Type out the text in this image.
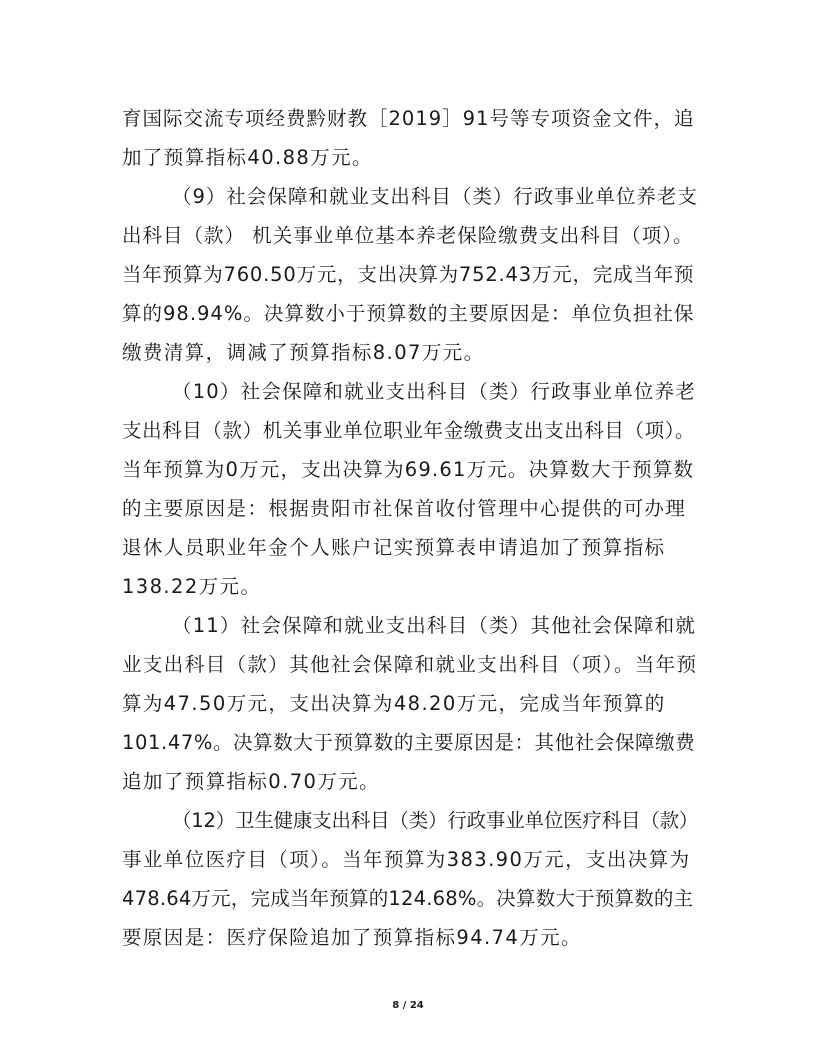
育国际交流专项经费黔财教［2019］91号等专项资金文件，追
加了预算指标40.88万元。
（9）社会保障和就业支出科目（类）行政事业单位养老支
出科目（款） 机关事业单位基本养老保险缴费支出科目（项）。
当年预算为760.50万元，支出决算为752.43万元，完成当年预
算的98.94%。决算数小于预算数的主要原因是：单位负担社保
缴费清算，调减了预算指标8.07万元。
（10）社会保障和就业支出科目（类）行政事业单位养老
支出科目（款）机关事业单位职业年金缴费支出支出科目（项）。
当年预算为0万元，支出决算为69.61万元。决算数大于预算数
的主要原因是：根据贵阳市社保首收付管理中心提供的可办理
退休人员职业年金个人账户记实预算表申请追加了预算指标
138.22万元。
（11）社会保障和就业支出科目（类）其他社会保障和就
业支出科目（款）其他社会保障和就业支出科目（项）。当年预
算为47.50万元，支出决算为48.20万元，完成当年预算的
101.47%。决算数大于预算数的主要原因是：其他社会保障缴费
追加了预算指标0.70万元。
（12）卫生健康支出科目（类）行政事业单位医疗科目（款）
事业单位医疗目（项）。当年预算为383.90万元，支出决算为
478.64万元，完成当年预算的124.68%。决算数大于预算数的主
要原因是：医疗保险追加了预算指标94.74万元。
8 / 24
